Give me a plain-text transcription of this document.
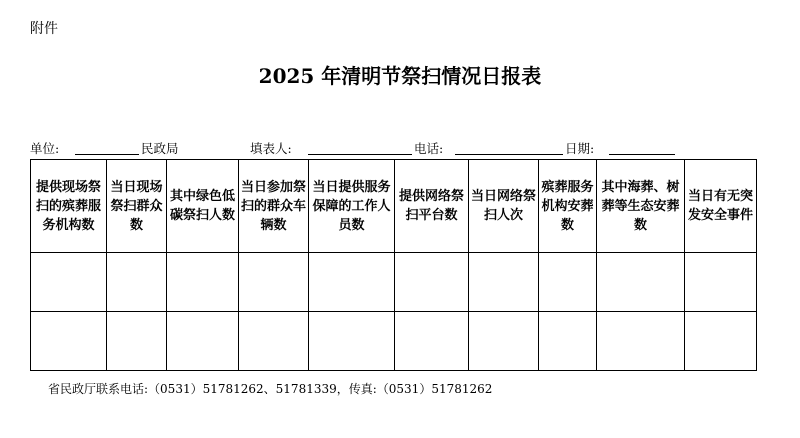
附件
2025 年清明节祭扫情况日报表
单位:	民政局	填表人:	电话:	日期:
提供现场祭扫的殡葬服务机构数	当日现场祭扫群众数	其中绿色低碳祭扫人数	当日参加祭扫的群众车辆数	当日提供服务保障的工作人员数	提供网络祭扫平台数	当日网络祭扫人次	殡葬服务机构安葬数	其中海葬、树葬等生态安葬数	当日有无突发安全事件

省民政厅联系电话:（0531）51781262、51781339，传真:（0531）51781262
